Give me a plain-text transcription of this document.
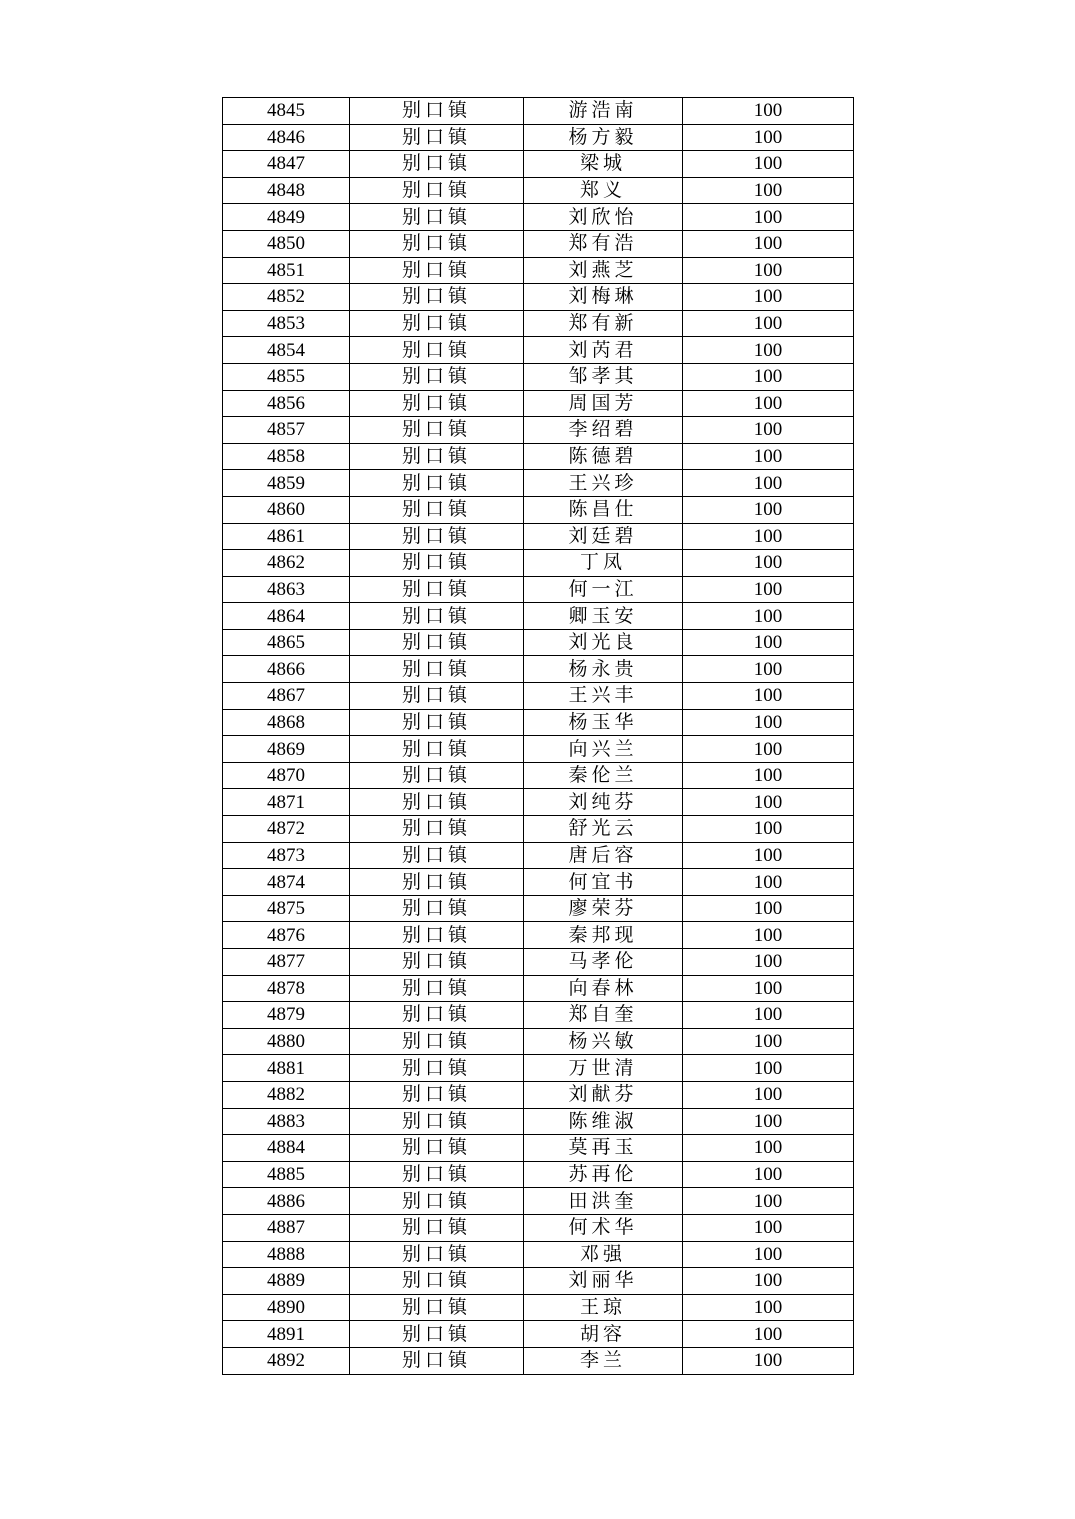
4845	别口镇	游浩南	100
4846	别口镇	杨方毅	100
4847	别口镇	梁城	100
4848	别口镇	郑义	100
4849	别口镇	刘欣怡	100
4850	别口镇	郑有浩	100
4851	别口镇	刘燕芝	100
4852	别口镇	刘梅琳	100
4853	别口镇	郑有新	100
4854	别口镇	刘芮君	100
4855	别口镇	邹孝其	100
4856	别口镇	周国芳	100
4857	别口镇	李绍碧	100
4858	别口镇	陈德碧	100
4859	别口镇	王兴珍	100
4860	别口镇	陈昌仕	100
4861	别口镇	刘廷碧	100
4862	别口镇	丁凤	100
4863	别口镇	何一江	100
4864	别口镇	卿玉安	100
4865	别口镇	刘光良	100
4866	别口镇	杨永贵	100
4867	别口镇	王兴丰	100
4868	别口镇	杨玉华	100
4869	别口镇	向兴兰	100
4870	别口镇	秦伦兰	100
4871	别口镇	刘纯芬	100
4872	别口镇	舒光云	100
4873	别口镇	唐后容	100
4874	别口镇	何宜书	100
4875	别口镇	廖荣芬	100
4876	别口镇	秦邦现	100
4877	别口镇	马孝伦	100
4878	别口镇	向春林	100
4879	别口镇	郑自奎	100
4880	别口镇	杨兴敏	100
4881	别口镇	万世清	100
4882	别口镇	刘献芬	100
4883	别口镇	陈维淑	100
4884	别口镇	莫再玉	100
4885	别口镇	苏再伦	100
4886	别口镇	田洪奎	100
4887	别口镇	何术华	100
4888	别口镇	邓强	100
4889	别口镇	刘丽华	100
4890	别口镇	王琼	100
4891	别口镇	胡容	100
4892	别口镇	李兰	100
